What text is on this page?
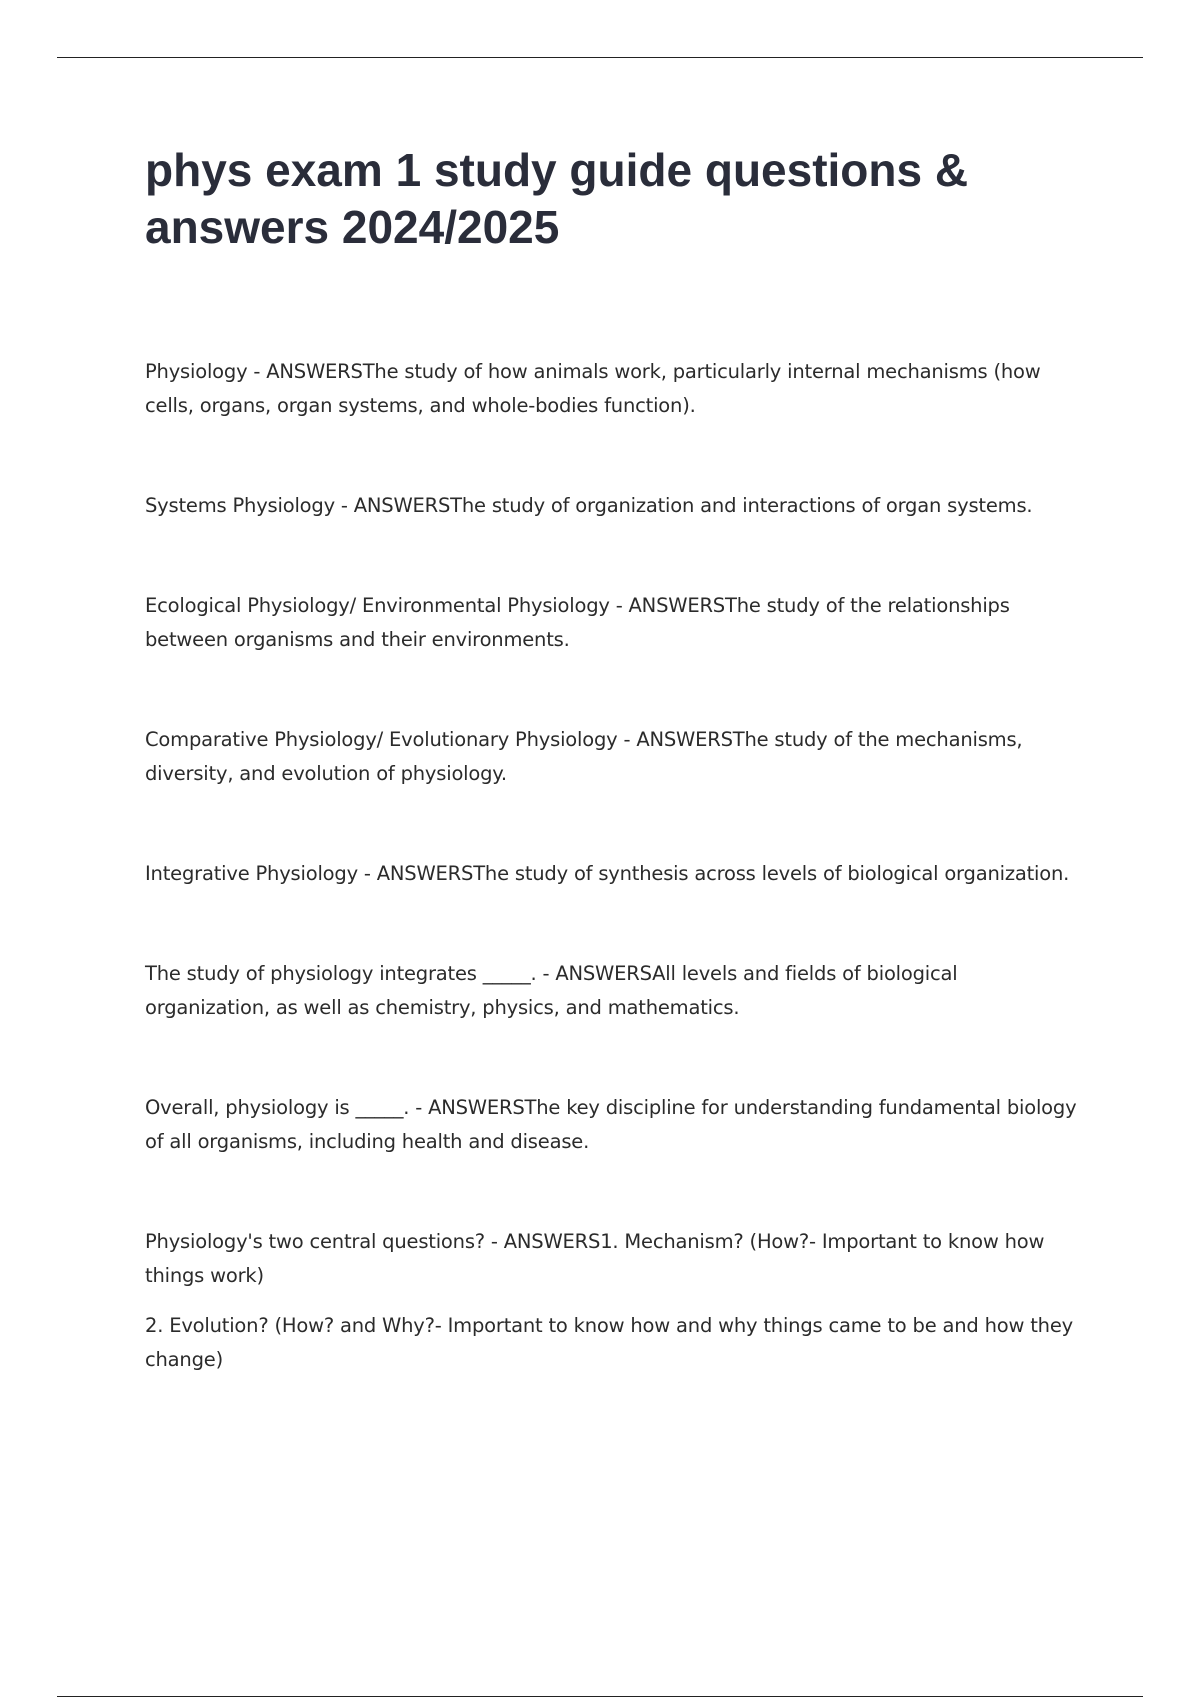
phys exam 1 study guide questions & answers 2024/2025

Physiology - ANSWERSThe study of how animals work, particularly internal mechanisms (how cells, organs, organ systems, and whole-bodies function).

Systems Physiology - ANSWERSThe study of organization and interactions of organ systems.

Ecological Physiology/ Environmental Physiology - ANSWERSThe study of the relationships between organisms and their environments.

Comparative Physiology/ Evolutionary Physiology - ANSWERSThe study of the mechanisms, diversity, and evolution of physiology.

Integrative Physiology - ANSWERSThe study of synthesis across levels of biological organization.

The study of physiology integrates _____. - ANSWERSAll levels and fields of biological organization, as well as chemistry, physics, and mathematics.

Overall, physiology is _____. - ANSWERSThe key discipline for understanding fundamental biology of all organisms, including health and disease.

Physiology's two central questions? - ANSWERS1. Mechanism? (How?- Important to know how things work)

2. Evolution? (How? and Why?- Important to know how and why things came to be and how they change)
